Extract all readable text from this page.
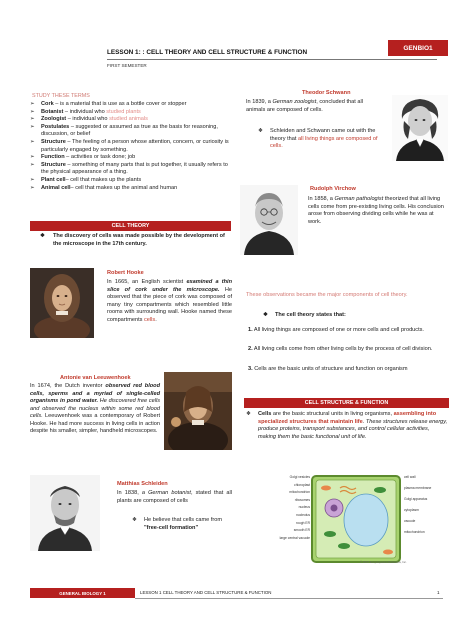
GENBIO1
LESSON 1: : CELL THEORY AND CELL STRUCTURE & FUNCTION
FIRST SEMESTER
STUDY THESE TERMS
➢ Cork – is a material that is use as a bottle cover or stopper
➢ Botanist – individual who studied plants
➢ Zoologist – individual who studied animals
➢ Postulates – suggested or assumed as true as the basis for reasoning, discussion, or belief
➢ Structure – The feeling of a person whose attention, concern, or curiosity is particularly engaged by something.
➢ Function – activities or task done; job
➢ Structure – something of many parts that is put together, it usually refers to the physical appearance of a thing.
➢ Plant cell– cell that makes up the plants
➢ Animal cell– cell that makes up the animal and human
CELL THEORY
❖ The discovery of cells was made possible by the development of the microscope in the 17th century.
Robert Hooke
In 1665, an English scientist examined a thin slice of cork under the microscope. He observed that the piece of cork was composed of many tiny compartments which resembled little rooms with surrounding wall. Hooke named these compartments cells.
Antonie van Leeuwenhoek
In 1674, the Dutch inventor observed red blood cells, sperms and a myriad of single-celled organisms in pond water. He discovered free cells and observed the nucleus within some red blood cells. Leeuwenhoek was a contemporary of Robert Hooke. He had more success in living cells in action despite his smaller, simpler, handheld microscopes.
Matthias Schleiden
In 1838, a German botanist, stated that all plants are composed of cells
❖ He believe that cells came from "free-cell formation"
Theodor Schwann
In 1839, a German zoologist, concluded that all animals are composed of cells.
❖ Schleiden and Schwann came out with the theory that all living things are composed of cells.
Rudolph Virchow
In 1858, a German pathologist theorized that all living cells come from pre-existing living cells. His conclusion arose from observing dividing cells while he was at work.
These observations became the major components of cell theory.
❖ The cell theory states that:
1. All living things are composed of one or more cells and cell products.
2. All living cells come from other living cells by the process of cell division.
3. Cells are the basic units of structure and function on organism
CELL STRUCTURE & FUNCTION
❖ Cells are the basic structural units in living organisms, assembling into specialized structures that maintain life. These structures release energy, produce proteins, transport substances, and control cellular activities, making them the basic functional unit of life.
Golgi vesicles
chloroplast
mitochondrion
ribosomes
nucleus
nucleolus
rough ER
smooth ER
large central vacuole
cell wall
plasma membrane
Golgi apparatus
cytoplasm
vacuole
mitochondrion
© 2007 Encyclopædia Britannica, Inc.
GENERAL BIOLOGY 1	LESSON 1 CELL THEORY AND CELL STRUCTURE & FUNCTION	1
